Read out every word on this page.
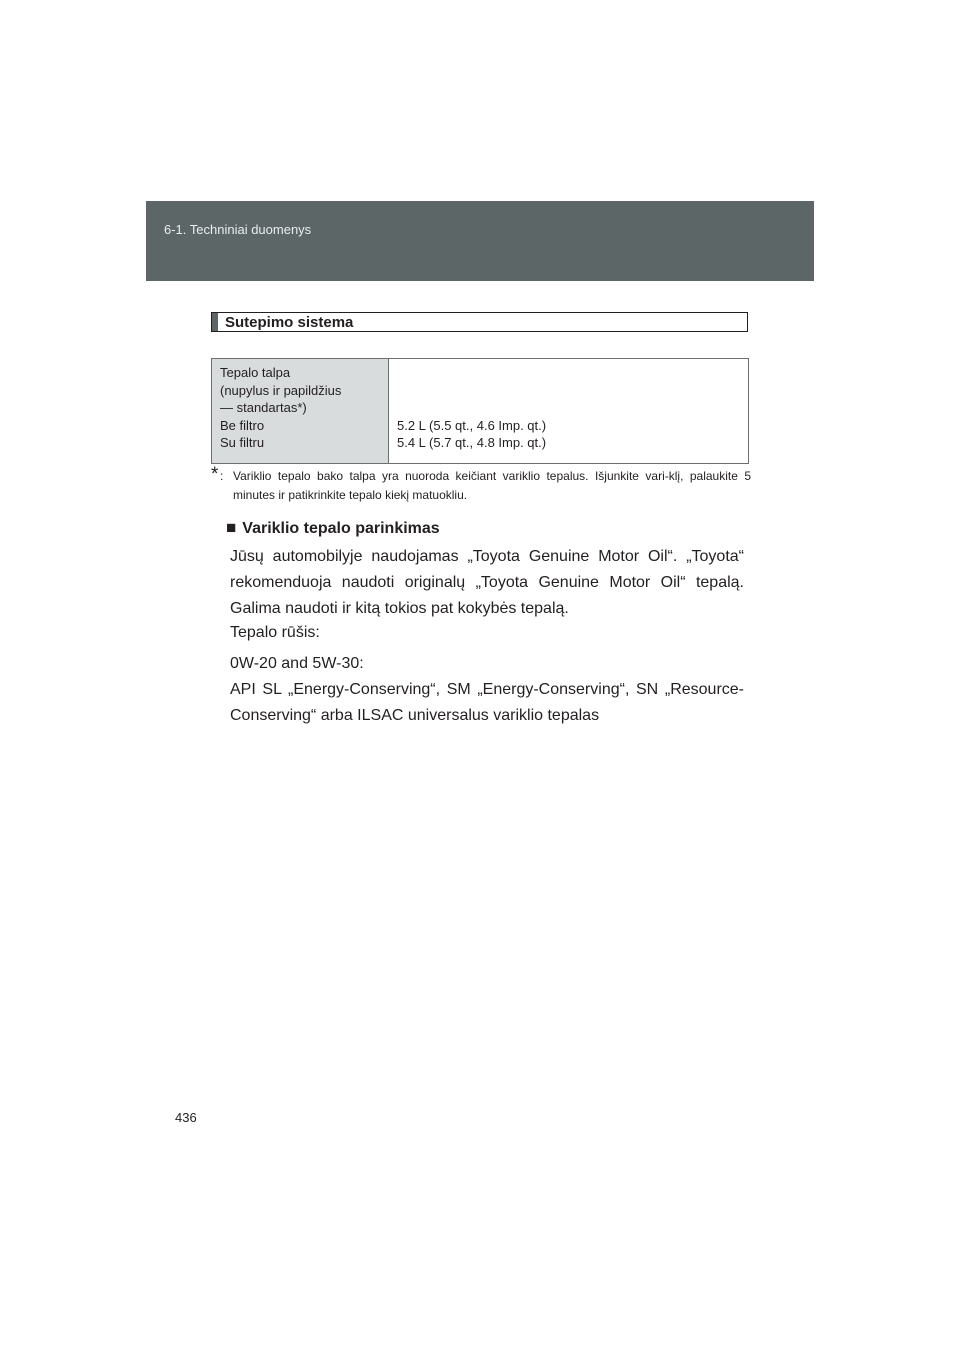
6-1. Techniniai duomenys
Sutepimo sistema
Tepalo talpa
(nupylus ir papildžius
— standartas*)
Be filtro
Su filtru
5.2 L (5.5 qt., 4.6 Imp. qt.)
5.4 L (5.7 qt., 4.8 Imp. qt.)
* : Variklio tepalo bako talpa yra nuoroda keičiant variklio tepalus. Išjunkite vari-klį, palaukite 5 minutes ir patikrinkite tepalo kiekį matuokliu.
■ Variklio tepalo parinkimas
Jūsų automobilyje naudojamas „Toyota Genuine Motor Oil“. „Toyota“ rekomenduoja naudoti originalų „Toyota Genuine Motor Oil“ tepalą. Galima naudoti ir kitą tokios pat kokybės tepalą.
Tepalo rūšis:
0W-20 and 5W-30:
API SL „Energy-Conserving“, SM „Energy-Conserving“, SN „Resource-Conserving“ arba ILSAC universalus variklio tepalas
436
